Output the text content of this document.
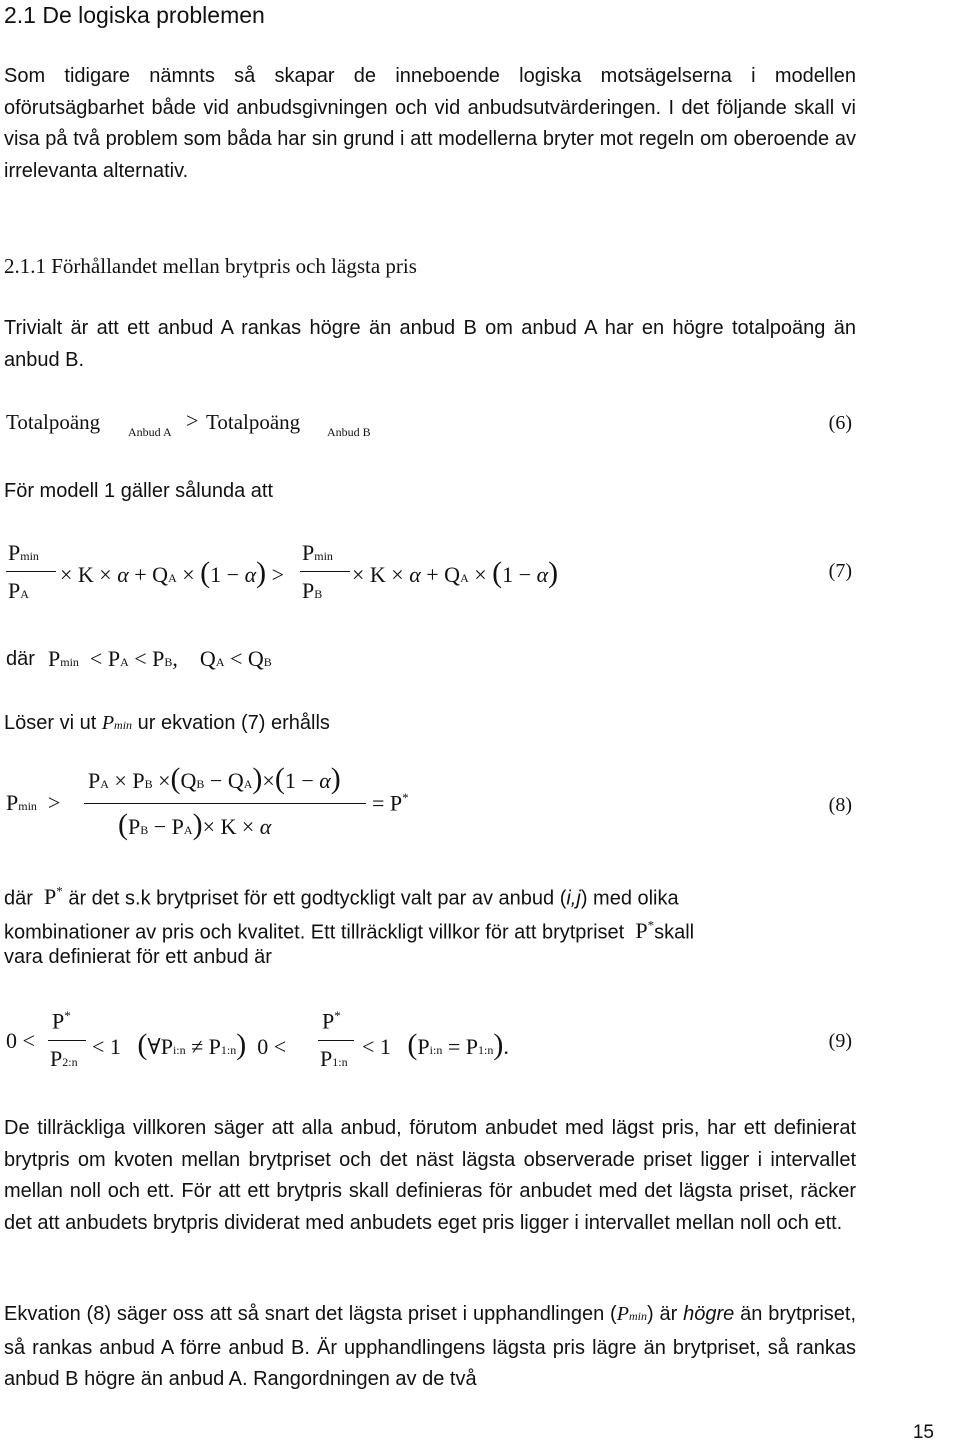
2.1 De logiska problemen
Som tidigare nämnts så skapar de inneboende logiska motsägelserna i modellen oförutsägbarhet både vid anbudsgivningen och vid anbudsutvärderingen. I det följande skall vi visa på två problem som båda har sin grund i att modellerna bryter mot regeln om oberoende av irrelevanta alternativ.
2.1.1 Förhållandet mellan brytpris och lägsta pris
Trivialt är att ett anbud A rankas högre än anbud B om anbud A har en högre totalpoäng än anbud B.
Totalpoäng Anbud A > Totalpoäng Anbud B	(6)
För modell 1 gäller sålunda att
Pmin
PA
× K × α + QA × (1 − α) >
Pmin
PB
× K × α + QA × (1 − α)	(7)
där Pmin  < PA < PB,    QA < QB
Löser vi ut Pmin ur ekvation (7) erhålls
Pmin  >
PA × PB ×(QB − QA)×(1 − α)
(PB − PA)× K × α
= P*	(8)
där P* är det s.k brytpriset för ett godtyckligt valt par av anbud (i,j) med olika
kombinationer av pris och kvalitet. Ett tillräckligt villkor för att brytpriset P*skall
vara definierat för ett anbud är
0 <
P*
P2:n
< 1   (∀Pi:n ≠ P1:n)  0 <
P*
P1:n
< 1   (Pi:n = P1:n).	(9)
De tillräckliga villkoren säger att alla anbud, förutom anbudet med lägst pris, har ett definierat brytpris om kvoten mellan brytpriset och det näst lägsta observerade priset ligger i intervallet mellan noll och ett. För att ett brytpris skall definieras för anbudet med det lägsta priset, räcker det att anbudets brytpris dividerat med anbudets eget pris ligger i intervallet mellan noll och ett.
Ekvation (8) säger oss att så snart det lägsta priset i upphandlingen (Pmin) är högre än brytpriset, så rankas anbud A förre anbud B. Är upphandlingens lägsta pris lägre än brytpriset, så rankas anbud B högre än anbud A. Rangordningen av de två
15
